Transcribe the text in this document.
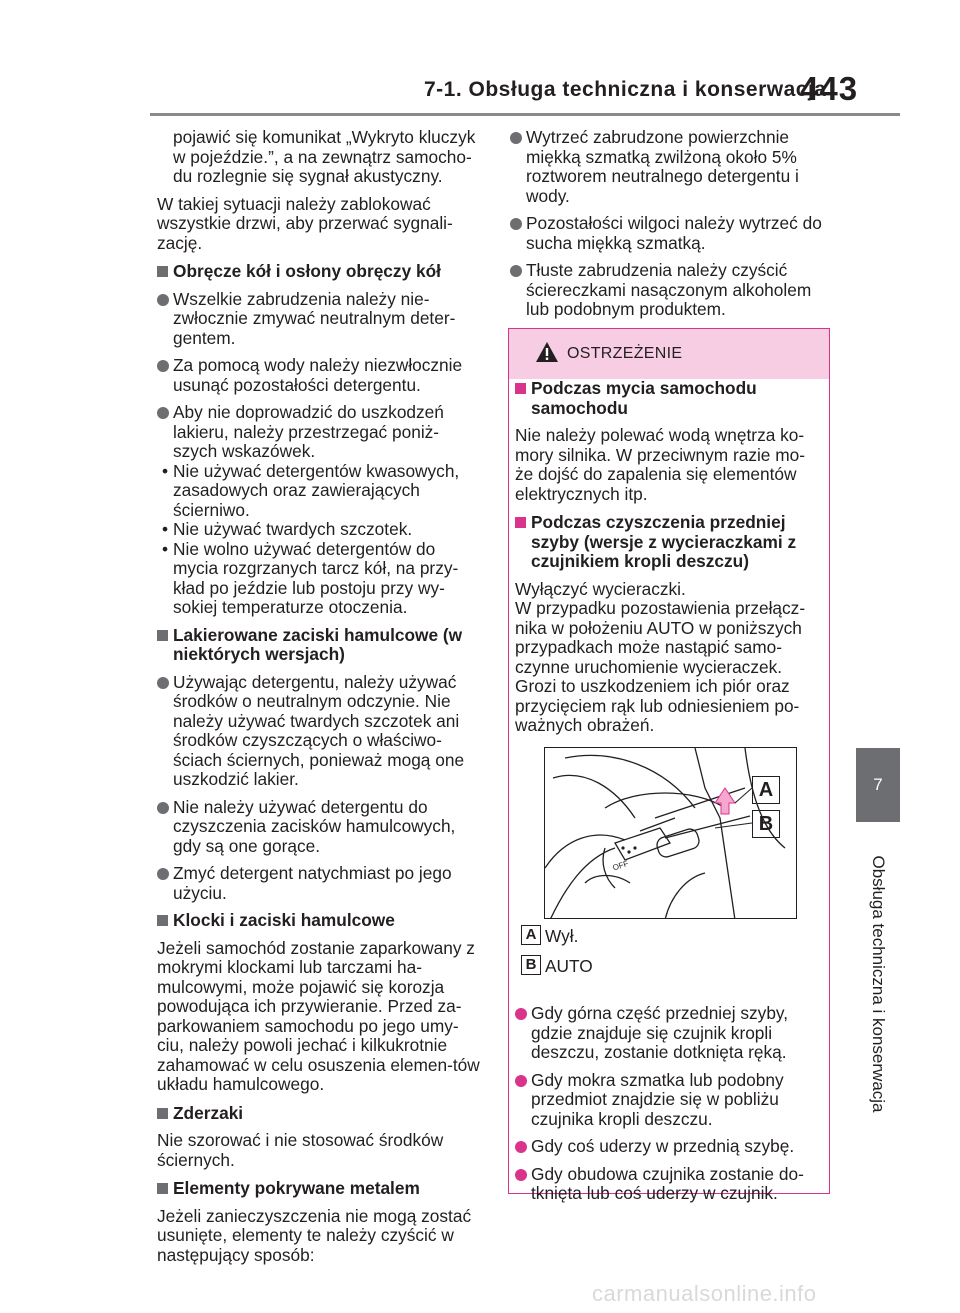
7-1. Obsługa techniczna i konserwacja
443
7
Obsługa techniczna i konserwacja

pojawić się komunikat „Wykryto kluczyk w pojeździe.”, a na zewnątrz samocho-du rozlegnie się sygnał akustyczny.

W takiej sytuacji należy zablokować wszystkie drzwi, aby przerwać sygnali-zację.

Obręcze kół i osłony obręczy kół

Wszelkie zabrudzenia należy nie-zwłocznie zmywać neutralnym deter-gentem.

Za pomocą wody należy niezwłocznie usunąć pozostałości detergentu.

Aby nie doprowadzić do uszkodzeń lakieru, należy przestrzegać poniż-szych wskazówek.

• Nie używać detergentów kwasowych, zasadowych oraz zawierających ścierniwo.

• Nie używać twardych szczotek.

• Nie wolno używać detergentów do mycia rozgrzanych tarcz kół, na przy-kład po jeździe lub postoju przy wy-sokiej temperaturze otoczenia.

Lakierowane zaciski hamulcowe (w niektórych wersjach)

Używając detergentu, należy używać środków o neutralnym odczynie. Nie należy używać twardych szczotek ani środków czyszczących o właściwo-ściach ściernych, ponieważ mogą one uszkodzić lakier.

Nie należy używać detergentu do czyszczenia zacisków hamulcowych, gdy są one gorące.

Zmyć detergent natychmiast po jego użyciu.

Klocki i zaciski hamulcowe

Jeżeli samochód zostanie zaparkowany z mokrymi klockami lub tarczami ha-mulcowymi, może pojawić się korozja powodująca ich przywieranie. Przed za-parkowaniem samochodu po jego umy-ciu, należy powoli jechać i kilkukrotnie zahamować w celu osuszenia elemen-tów układu hamulcowego.

Zderzaki

Nie szorować i nie stosować środków ściernych.

Elementy pokrywane metalem

Jeżeli zanieczyszczenia nie mogą zostać usunięte, elementy te należy czyścić w następujący sposób:

Wytrzeć zabrudzone powierzchnie miękką szmatką zwilżoną około 5% roztworem neutralnego detergentu i wody.

Pozostałości wilgoci należy wytrzeć do sucha miękką szmatką.

Tłuste zabrudzenia należy czyścić ściereczkami nasączonym alkoholem lub podobnym produktem.

OSTRZEŻENIE

Podczas mycia samochodu samochodu

Nie należy polewać wodą wnętrza ko-mory silnika. W przeciwnym razie mo-że dojść do zapalenia się elementów elektrycznych itp.

Podczas czyszczenia przedniej szyby (wersje z wycieraczkami z czujnikiem kropli deszczu)

Wyłączyć wycieraczki.

W przypadku pozostawienia przełącz-nika w położeniu AUTO w poniższych przypadkach może nastąpić samo-czynne uruchomienie wycieraczek. Grozi to uszkodzeniem ich piór oraz przycięciem rąk lub odniesieniem po-ważnych obrażeń.

OFF
A
B

A Wył.

B AUTO

Gdy górna część przedniej szyby, gdzie znajduje się czujnik kropli deszczu, zostanie dotknięta ręką.

Gdy mokra szmatka lub podobny przedmiot znajdzie się w pobliżu czujnika kropli deszczu.

Gdy coś uderzy w przednią szybę.

Gdy obudowa czujnika zostanie do-tknięta lub coś uderzy w czujnik.

carmanualsonline.info
